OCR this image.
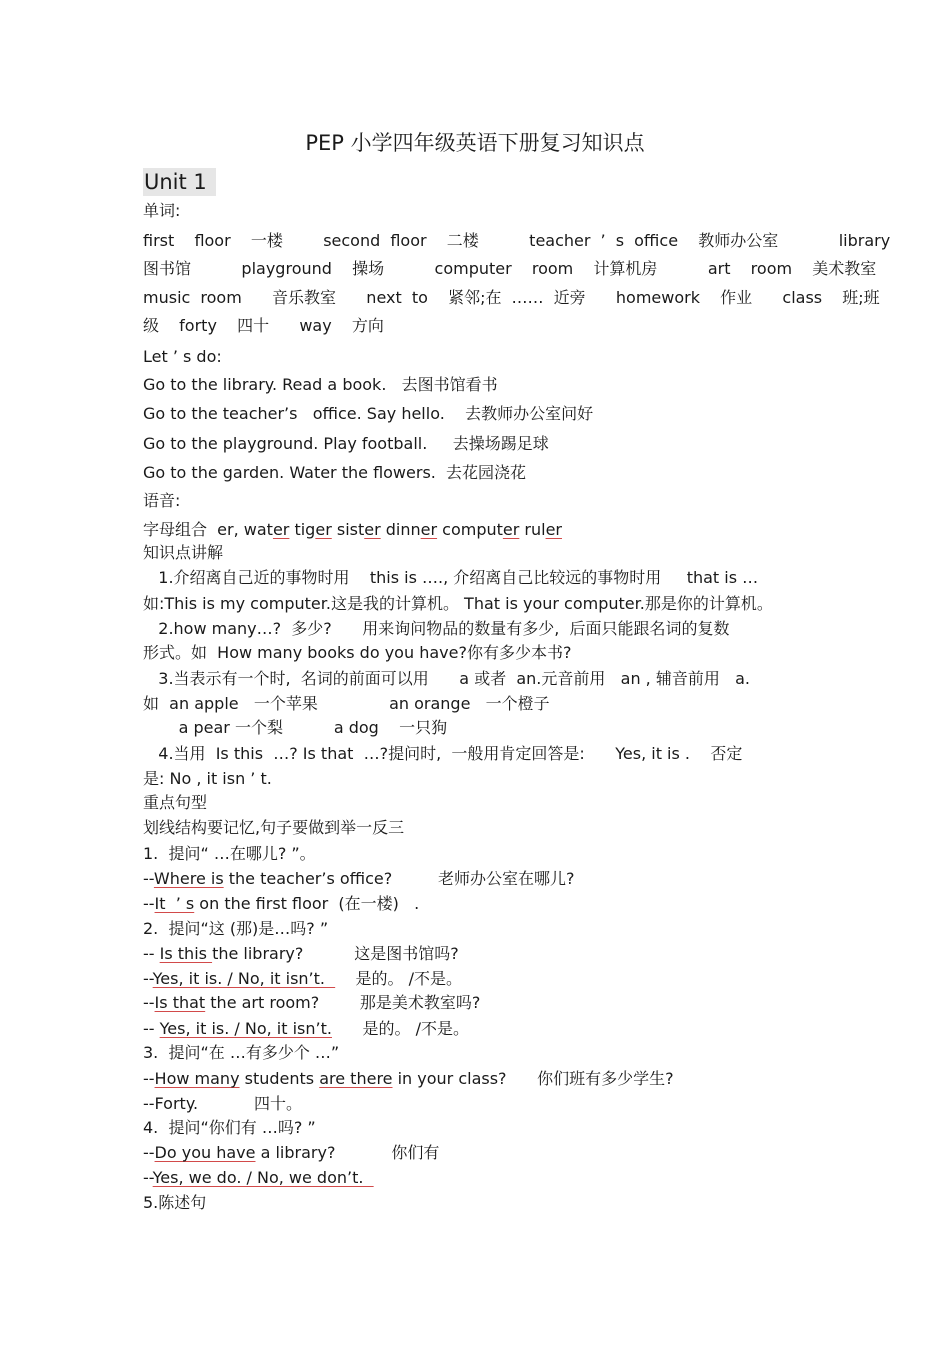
PEP 小学四年级英语下册复习知识点
Unit 1

单词:

first  floor  一楼    second floor  二楼     teacher ’ s office  教师办公室      library

图书馆     playground  操场     computer  room  计算机房     art  room  美术教室

music room   音乐教室   next to  紧邻;在 …… 近旁   homework  作业   class  班;班

级  forty  四十   way  方向

Let ’ s do:

Go to the library. Read a book.   去图书馆看书

Go to the teacher’s   office. Say hello.    去教师办公室问好

Go to the playground. Play football.     去操场踢足球

Go to the garden. Water the flowers.  去花园浇花

语音:

字母组合  er, water tiger sister dinner computer ruler

知识点讲解

1.介绍离自己近的事物时用    this is …., 介绍离自己比较远的事物时用     that is …

如:This is my computer.这是我的计算机。 That is your computer.那是你的计算机。

2.how many…?  多少?      用来询问物品的数量有多少,  后面只能跟名词的复数

形式。如  How many books do you have?你有多少本书?

3.当表示有一个时,  名词的前面可以用      a 或者  an.元音前用   an , 辅音前用   a.

如  an apple   一个苹果              an orange   一个橙子

a pear 一个梨          a dog    一只狗

4.当用  Is this  …? Is that  …?提问时,  一般用肯定回答是:      Yes, it is .    否定

是: No , it isn ’ t.

重点句型

划线结构要记忆,句子要做到举一反三

1.  提问“ …在哪儿? ”。

--Where is the teacher’s office?         老师办公室在哪儿?

--It  ’ s on the first floor  (在一楼)   .

2.  提问“这 (那)是…吗? ”

-- Is this the library?          这是图书馆吗?

--Yes, it is. / No, it isn’t.      是的。 /不是。

--Is that the art room?        那是美术教室吗?

-- Yes, it is. / No, it isn’t.      是的。 /不是。

3.  提问“在 …有多少个 …”

--How many students are there in your class?      你们班有多少学生?

--Forty.           四十。

4.  提问“你们有 …吗? ”

--Do you have a library?           你们有

--Yes, we do. / No, we don’t.

5.陈述句
